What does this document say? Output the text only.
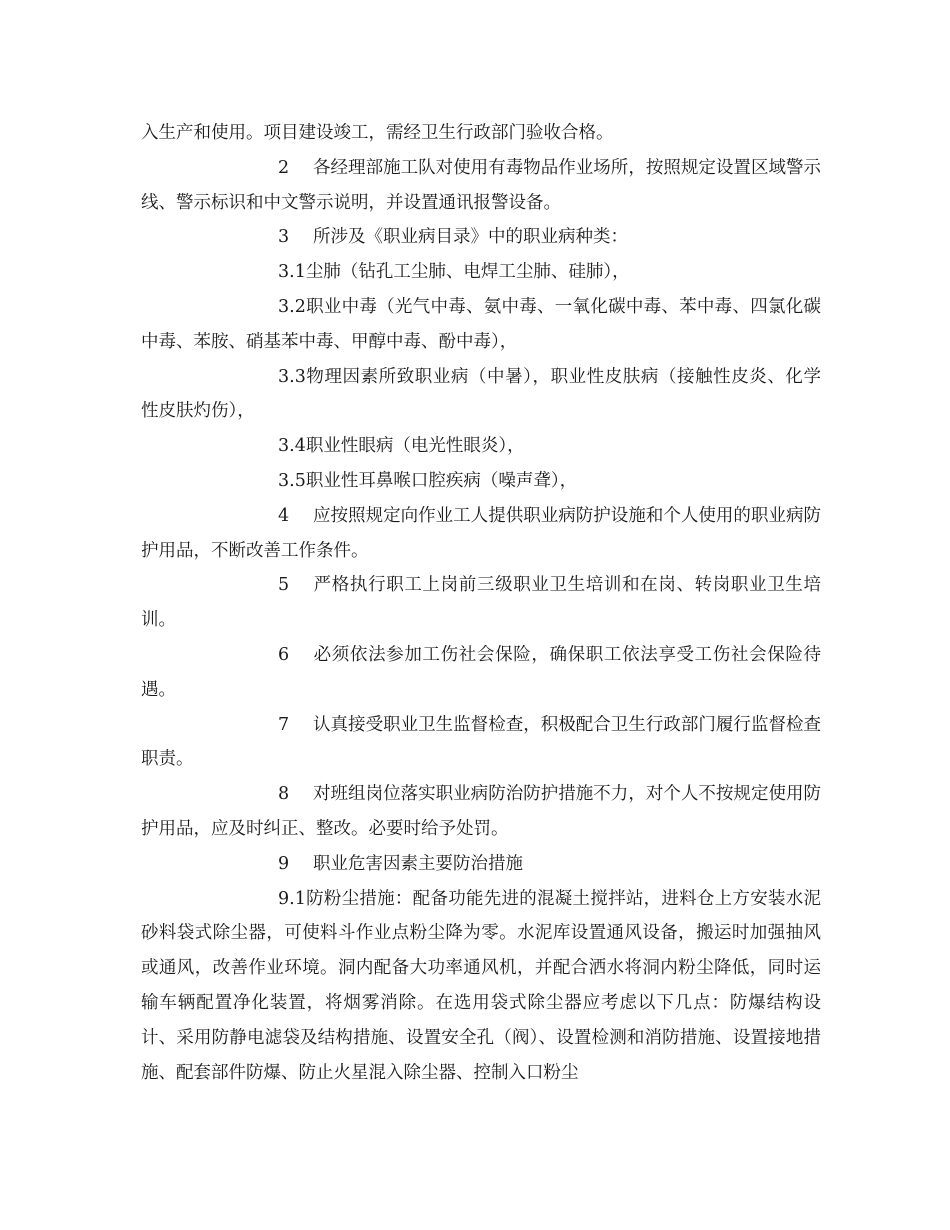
入生产和使用。项目建设竣工，需经卫生行政部门验收合格。

2 各经理部施工队对使用有毒物品作业场所，按照规定设置区域警示线、警示标识和中文警示说明，并设置通讯报警设备。

3 所涉及《职业病目录》中的职业病种类：

3.1尘肺（钻孔工尘肺、电焊工尘肺、硅肺），

3.2职业中毒（光气中毒、氨中毒、一氧化碳中毒、苯中毒、四氯化碳中毒、苯胺、硝基苯中毒、甲醇中毒、酚中毒），

3.3物理因素所致职业病（中暑），职业性皮肤病（接触性皮炎、化学性皮肤灼伤），

3.4职业性眼病（电光性眼炎），

3.5职业性耳鼻喉口腔疾病（噪声聋），

4 应按照规定向作业工人提供职业病防护设施和个人使用的职业病防护用品，不断改善工作条件。

5 严格执行职工上岗前三级职业卫生培训和在岗、转岗职业卫生培训。

6 必须依法参加工伤社会保险，确保职工依法享受工伤社会保险待遇。

7 认真接受职业卫生监督检查，积极配合卫生行政部门履行监督检查职责。

8 对班组岗位落实职业病防治防护措施不力，对个人不按规定使用防护用品，应及时纠正、整改。必要时给予处罚。

9 职业危害因素主要防治措施

9.1防粉尘措施：配备功能先进的混凝土搅拌站，进料仓上方安装水泥砂料袋式除尘器，可使料斗作业点粉尘降为零。水泥库设置通风设备，搬运时加强抽风或通风，改善作业环境。洞内配备大功率通风机，并配合洒水将洞内粉尘降低，同时运输车辆配置净化装置，将烟雾消除。在选用袋式除尘器应考虑以下几点：防爆结构设计、采用防静电滤袋及结构措施、设置安全孔（阀）、设置检测和消防措施、设置接地措施、配套部件防爆、防止火星混入除尘器、控制入口粉尘
